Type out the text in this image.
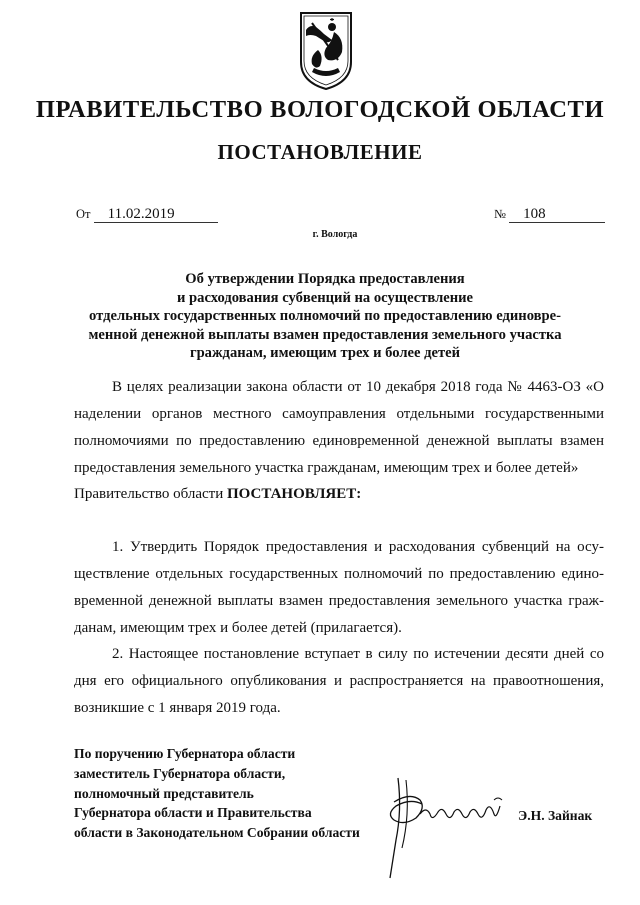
ПРАВИТЕЛЬСТВО ВОЛОГОДСКОЙ ОБЛАСТИ
ПОСТАНОВЛЕНИЕ
От 11.02.2019	№ 108
г. Вологда
Об утверждении Порядка предоставления
и расходования субвенций на осуществление
отдельных государственных полномочий по предоставлению единовре-
менной денежной выплаты взамен предоставления земельного участка
гражданам, имеющим трех и более детей
В целях реализации закона области от 10 декабря 2018 года № 4463-ОЗ «О
наделении органов местного самоуправления отдельными государственными
полномочиями по предоставлению единовременной денежной выплаты взамен
предоставления земельного участка гражданам, имеющим трех и более детей»
Правительство области ПОСТАНОВЛЯЕТ:
1. Утвердить Порядок предоставления и расходования субвенций на осу-
ществление отдельных государственных полномочий по предоставлению едино-
временной денежной выплаты взамен предоставления земельного участка граж-
данам, имеющим трех и более детей (прилагается).
2. Настоящее постановление вступает в силу по истечении десяти дней со
дня его официального опубликования и распространяется на правоотношения,
возникшие с 1 января 2019 года.
По поручению Губернатора области
заместитель Губернатора области,
полномочный представитель
Губернатора области и Правительства
области в Законодательном Собрании области
Э.Н. Зайнак
